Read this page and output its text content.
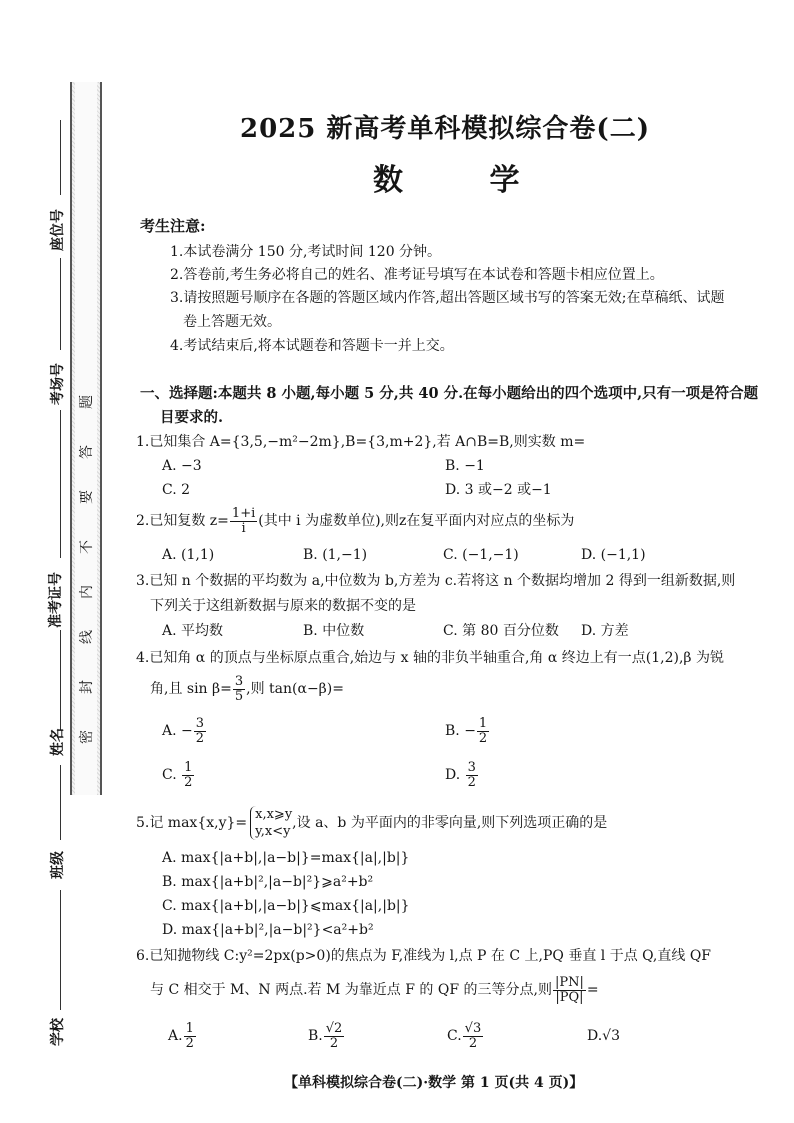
座位号
考场号
准考证号
姓名
班级
学校
密
封
线
内
不
要
答
题
2025 新高考单科模拟综合卷(二)
数 学
考生注意:
1.本试卷满分 150 分,考试时间 120 分钟。
2.答卷前,考生务必将自己的姓名、准考证号填写在本试卷和答题卡相应位置上。
3.请按照题号顺序在各题的答题区域内作答,超出答题区域书写的答案无效;在草稿纸、试题
卷上答题无效。
4.考试结束后,将本试题卷和答题卡一并上交。
一、选择题:本题共 8 小题,每小题 5 分,共 40 分.在每小题给出的四个选项中,只有一项是符合题
目要求的.
1.已知集合 A={3,5,−m²−2m},B={3,m+2},若 A∩B=B,则实数 m=
A. −3	B. −1
C. 2	D. 3 或−2 或−1
2.已知复数 $z= \frac{1+i}{i}$ (其中 i 为虚数单位),则z在复平面内对应点的坐标为
A. (1,1)	B. (1,−1)	C. (−1,−1)	D. (−1,1)
3.已知 n 个数据的平均数为 a,中位数为 b,方差为 c.若将这 n 个数据均增加 2 得到一组新数据,则
下列关于这组新数据与原来的数据不变的是
A. 平均数	B. 中位数	C. 第 80 百分位数 D. 方差
4.已知角 α 的顶点与坐标原点重合,始边与 x 轴的非负半轴重合,角 α 终边上有一点(1,2),β 为锐
角,且 $\sin \beta= \frac{3}{5}$ ,则 tan(α−β)=
A. − $\frac{3}{2}$	B. − $\frac{1}{2}$
C. $\frac{1}{2}$	D. $\frac{3}{2}$
5.记 max{x,y}=
x,x⩾y
y,x<y
,设 a、b 为平面内的非零向量,则下列选项正确的是
A. max{|a+b|,|a−b|}=max{|a|,|b|}
B. max{|a+b|²,|a−b|²}⩾a²+b²
C. max{|a+b|,|a−b|}⩽max{|a|,|b|}
D. max{|a+b|²,|a−b|²}<a²+b²
6.已知抛物线 C:y²=2px(p>0)的焦点为 F,准线为 l,点 P 在 C 上,PQ 垂直 l 于点 Q,直线 QF
与 C 相交于 M、N 两点.若 M 为靠近点 F 的 QF 的三等分点,则 $\frac{|PN|}{|PQ|}$ =
A. $\frac{1}{2}$	B. $\frac{√2}{2}$	C. $\frac{√3}{2}$	D.√3
【单科模拟综合卷(二)·数学 第 1 页(共 4 页)】
